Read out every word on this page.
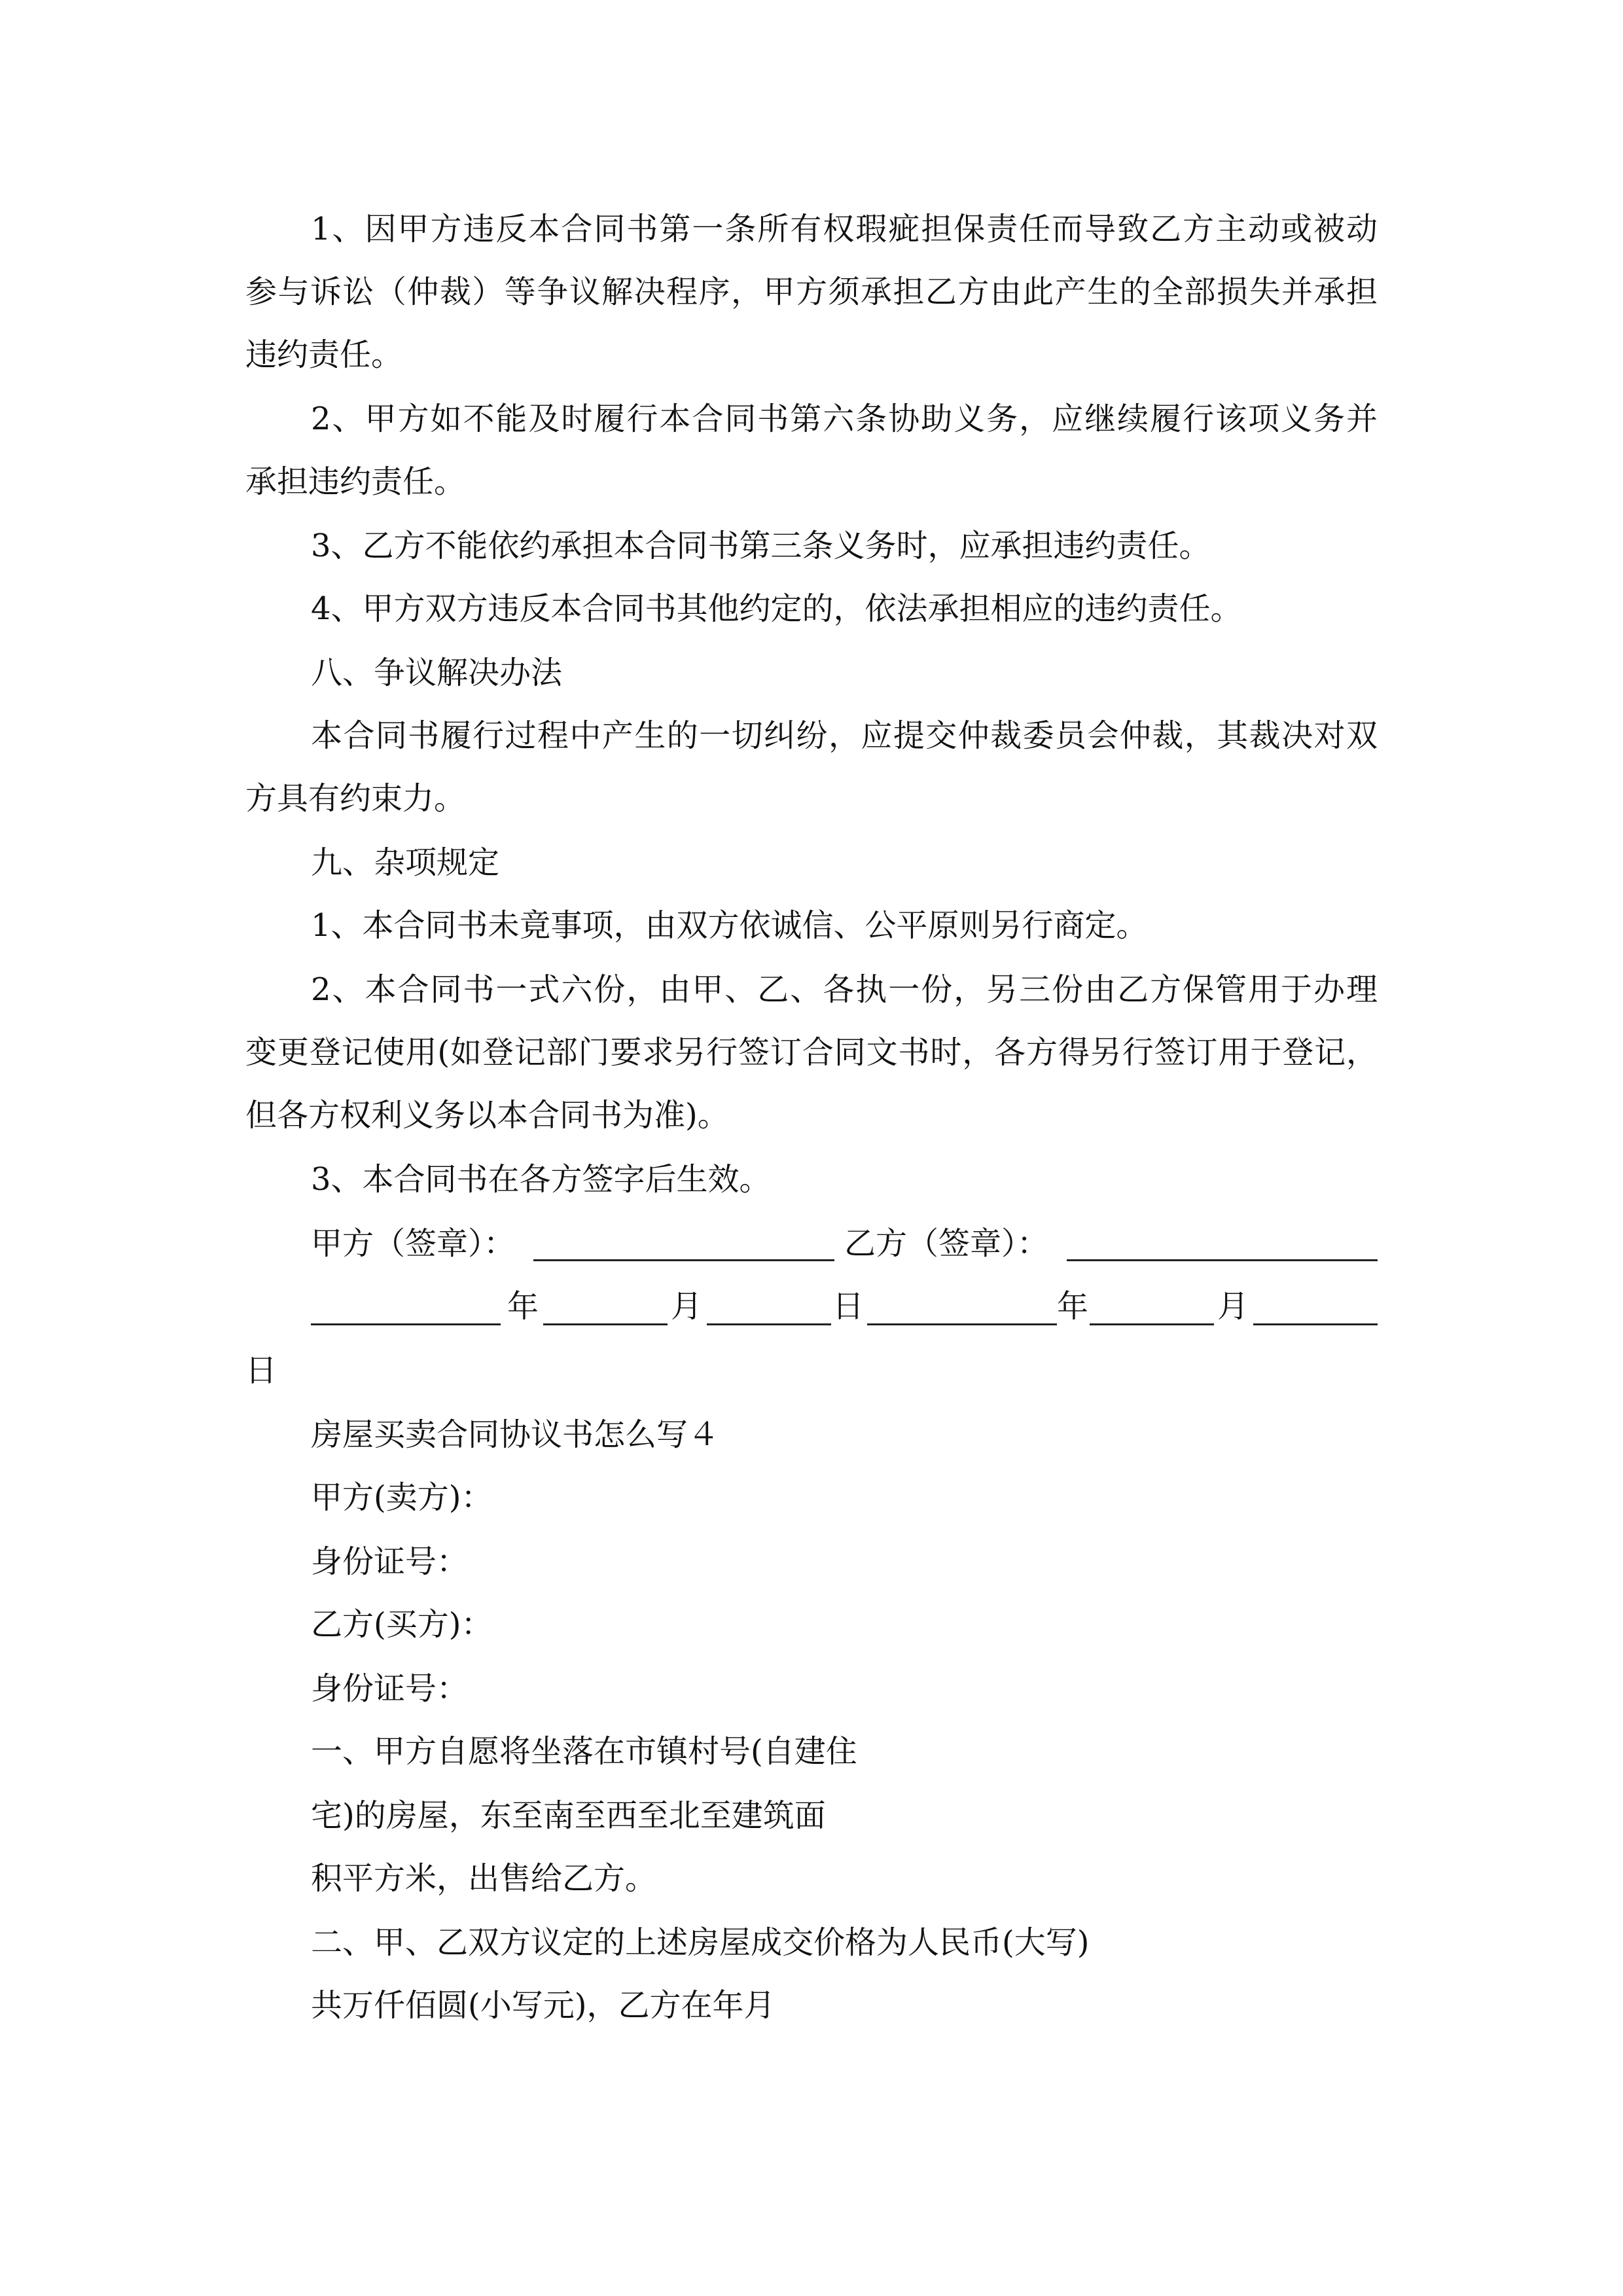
1、因甲方违反本合同书第一条所有权瑕疵担保责任而导致乙方主动或被动
参与诉讼（仲裁）等争议解决程序，甲方须承担乙方由此产生的全部损失并承担
违约责任。
2、甲方如不能及时履行本合同书第六条协助义务，应继续履行该项义务并
承担违约责任。
3、乙方不能依约承担本合同书第三条义务时，应承担违约责任。
4、甲方双方违反本合同书其他约定的，依法承担相应的违约责任。
八、争议解决办法
本合同书履行过程中产生的一切纠纷，应提交仲裁委员会仲裁，其裁决对双
方具有约束力。
九、杂项规定
1、本合同书未竟事项，由双方依诚信、公平原则另行商定。
2、本合同书一式六份，由甲、乙、各执一份，另三份由乙方保管用于办理
变更登记使用(如登记部门要求另行签订合同文书时，各方得另行签订用于登记，
但各方权利义务以本合同书为准)。
3、本合同书在各方签字后生效。
甲方（签章）：	乙方（签章）：
年	月	日	年	月
日
房屋买卖合同协议书怎么写４
甲方(卖方)：
身份证号：
乙方(买方)：
身份证号：
一、甲方自愿将坐落在市镇村号(自建住
宅)的房屋，东至南至西至北至建筑面
积平方米，出售给乙方。
二、甲、乙双方议定的上述房屋成交价格为人民币(大写)
共万仟佰圆(小写元)，乙方在年月
